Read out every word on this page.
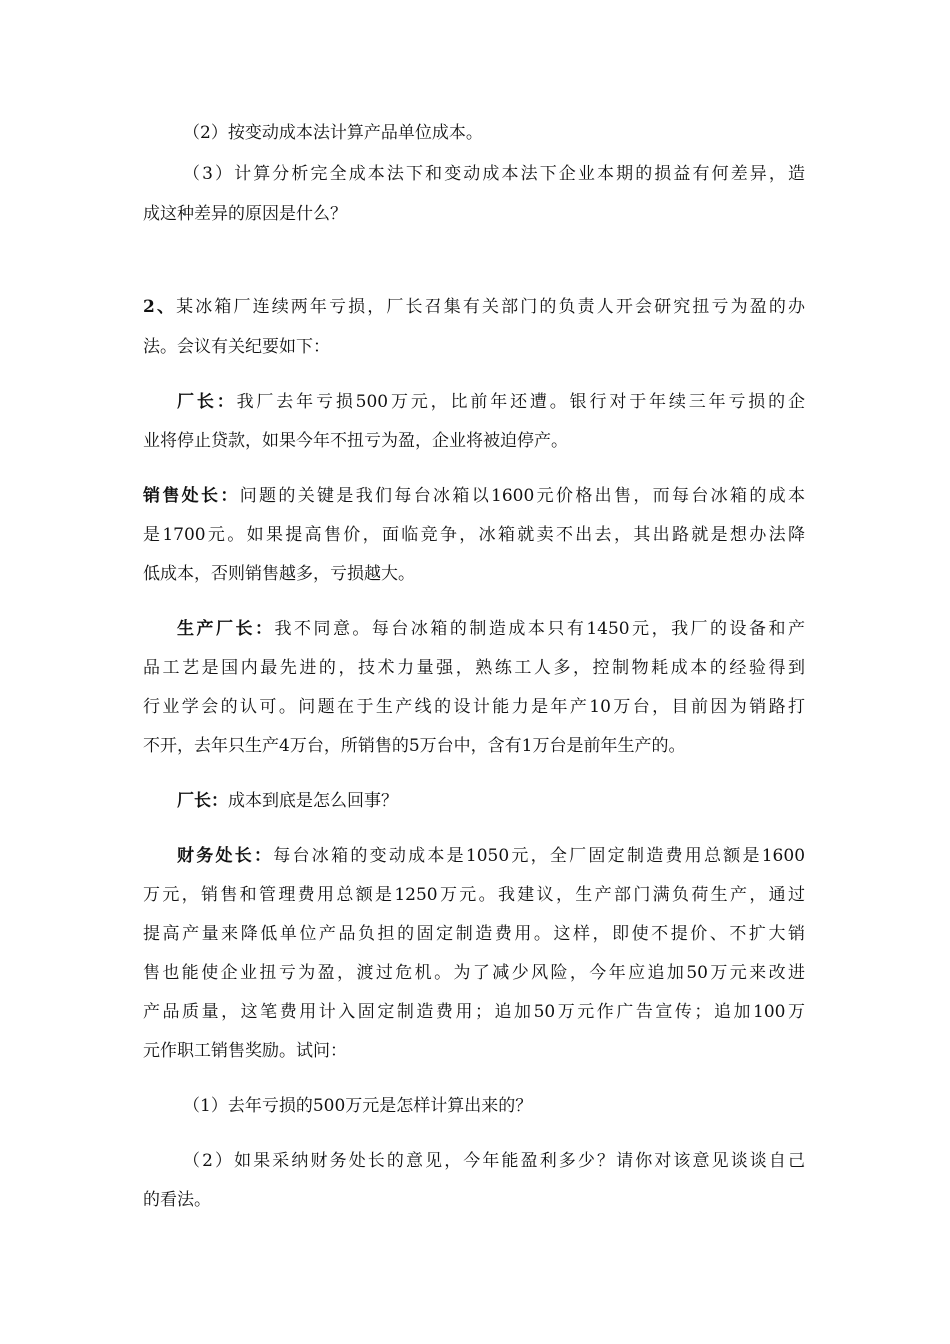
（2）按变动成本法计算产品单位成本。
（3）计算分析完全成本法下和变动成本法下企业本期的损益有何差异，造
成这种差异的原因是什么？
2、某冰箱厂连续两年亏损，厂长召集有关部门的负责人开会研究扭亏为盈的办
法。会议有关纪要如下：
厂长：我厂去年亏损500万元，比前年还遭。银行对于年续三年亏损的企
业将停止贷款，如果今年不扭亏为盈，企业将被迫停产。
销售处长：问题的关键是我们每台冰箱以1600元价格出售，而每台冰箱的成本
是1700元。如果提高售价，面临竞争，冰箱就卖不出去，其出路就是想办法降
低成本，否则销售越多，亏损越大。
生产厂长：我不同意。每台冰箱的制造成本只有1450元，我厂的设备和产
品工艺是国内最先进的，技术力量强，熟练工人多，控制物耗成本的经验得到
行业学会的认可。问题在于生产线的设计能力是年产10万台，目前因为销路打
不开，去年只生产4万台，所销售的5万台中，含有1万台是前年生产的。
厂长：成本到底是怎么回事？
财务处长：每台冰箱的变动成本是1050元，全厂固定制造费用总额是1600
万元，销售和管理费用总额是1250万元。我建议，生产部门满负荷生产，通过
提高产量来降低单位产品负担的固定制造费用。这样，即使不提价、不扩大销
售也能使企业扭亏为盈，渡过危机。为了减少风险，今年应追加50万元来改进
产品质量，这笔费用计入固定制造费用；追加50万元作广告宣传；追加100万
元作职工销售奖励。试问：
（1）去年亏损的500万元是怎样计算出来的？
（2）如果采纳财务处长的意见，今年能盈利多少？请你对该意见谈谈自己
的看法。
